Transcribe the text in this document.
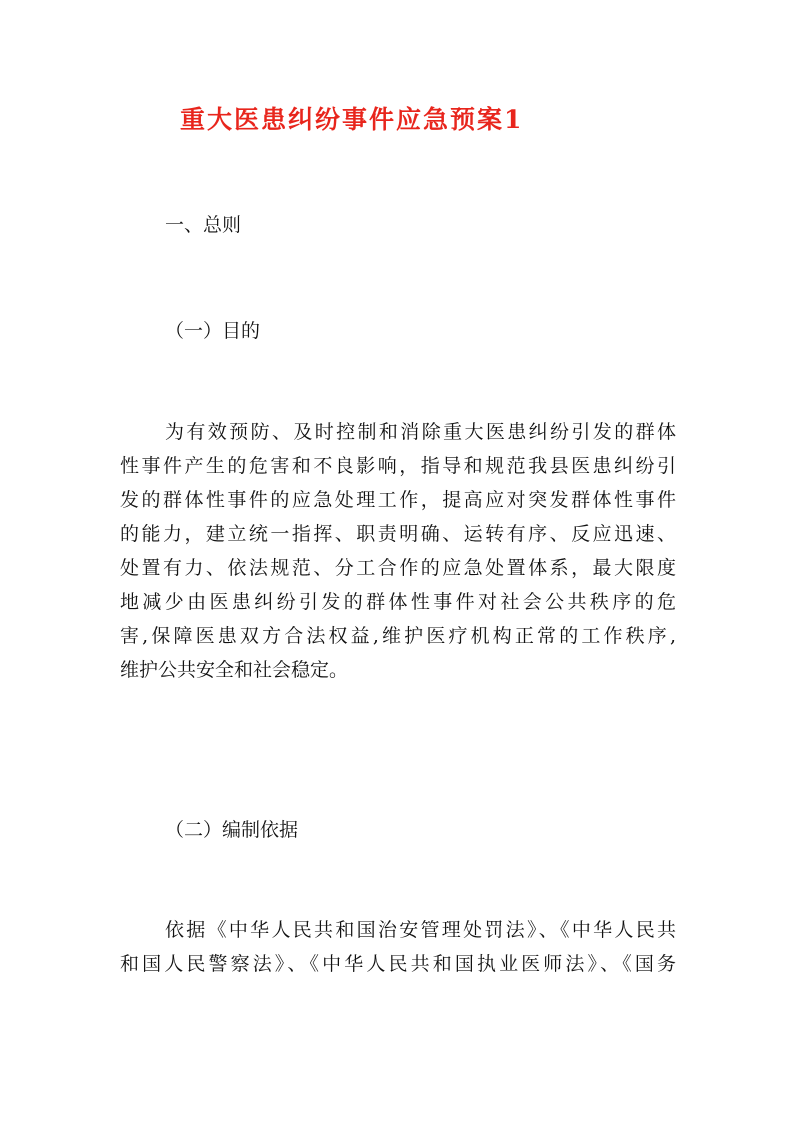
重大医患纠纷事件应急预案1

一、总则

（一）目的

为有效预防、及时控制和消除重大医患纠纷引发的群体
性事件产生的危害和不良影响，指导和规范我县医患纠纷引
发的群体性事件的应急处理工作，提高应对突发群体性事件
的能力，建立统一指挥、职责明确、运转有序、反应迅速、
处置有力、依法规范、分工合作的应急处置体系，最大限度
地减少由医患纠纷引发的群体性事件对社会公共秩序的危
害,保障医患双方合法权益,维护医疗机构正常的工作秩序,
维护公共安全和社会稳定。

（二）编制依据

依据《中华人民共和国治安管理处罚法》、《中华人民共
和国人民警察法》、《中华人民共和国执业医师法》、《国务
